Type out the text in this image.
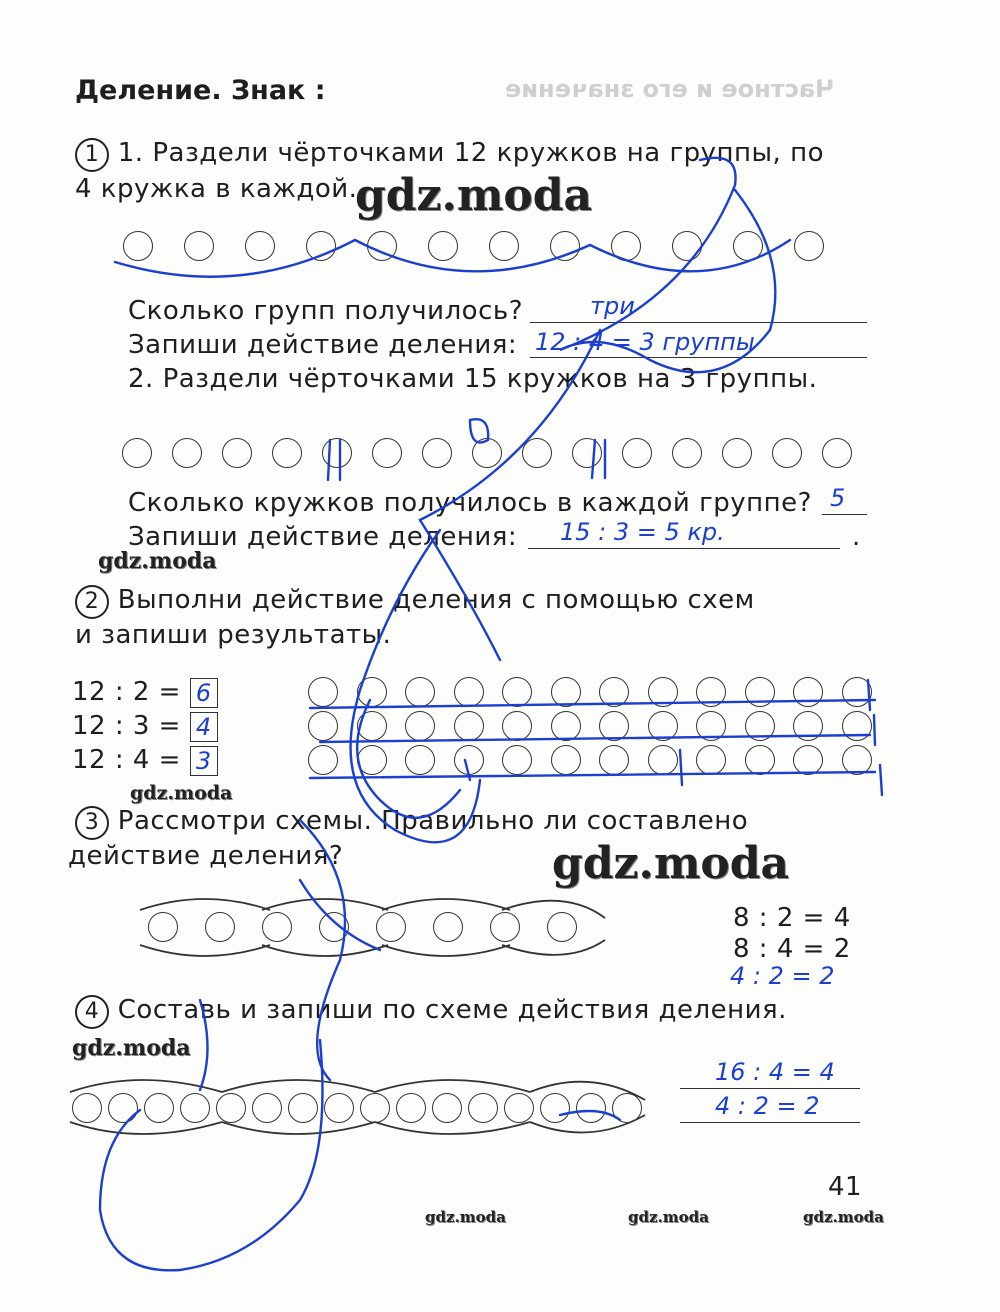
Частное и его значение
Деление. Знак :
1 1. Раздели чёрточками 12 кружков на группы, по
4 кружка в каждой.
gdz.moda
Сколько групп получилось?	три
Запиши действие деления: 12 : 4 = 3 группы
2. Раздели чёрточками 15 кружков на 3 группы.
Сколько кружков получилось в каждой группе? 5
Запиши действие деления: 15 : 3 = 5 кр.	.
gdz.moda
2 Выполни действие деления с помощью схем
и запиши результаты.
12 : 2 = 6
12 : 3 = 4
12 : 4 = 3
gdz.moda
3 Рассмотри схемы. Правильно ли составлено
действие деления?	gdz.moda
8 : 2 = 4
8 : 4 = 2
4 : 2 = 2
4 Составь и запиши по схеме действия деления.
gdz.moda
16 : 4 = 4
4 : 2 = 2
41
gdz.moda	gdz.moda	gdz.moda
